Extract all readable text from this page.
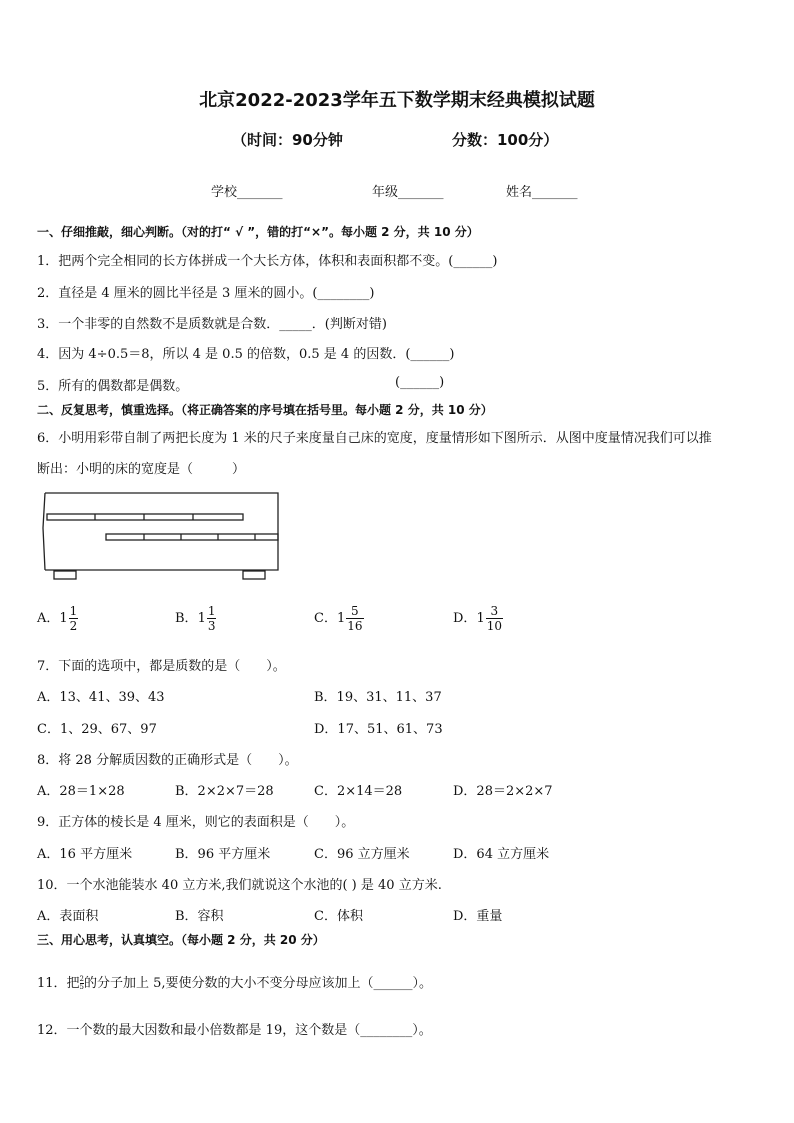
北京2022-2023学年五下数学期末经典模拟试题
（时间：90分钟	分数：100分）
学校_______	年级_______	姓名_______
一、仔细推敲，细心判断。（对的打“ √ ”，错的打“×”。每小题 2 分，共 10 分）
1．把两个完全相同的长方体拼成一个大长方体，体积和表面积都不变。(______)
2．直径是 4 厘米的圆比半径是 3 厘米的圆小。(________)
3．一个非零的自然数不是质数就是合数．_____．(判断对错)
4．因为 4÷0.5＝8，所以 4 是 0.5 的倍数，0.5 是 4 的因数．(______)
5．所有的偶数都是偶数。	(______)
二、反复思考，慎重选择。（将正确答案的序号填在括号里。每小题 2 分，共 10 分）
6．小明用彩带自制了两把长度为 1 米的尺子来度量自己床的宽度，度量情形如下图所示．从图中度量情况我们可以推
断出：小明的床的宽度是（　　　）
A．$1 \frac{1}{2}$	B．$1 \frac{1}{3}$	C．$1 \frac{5}{16}$	D．$1 \frac{3}{10}$
7．下面的选项中，都是质数的是（　　）。
A．13、41、39、43	B．19、31、11、37
C．1、29、67、97	D．17、51、61、73
8．将 28 分解质因数的正确形式是（　　）。
A．28＝1×28	B．2×2×7＝28	C．2×14＝28	D．28＝2×2×7
9．正方体的棱长是 4 厘米，则它的表面积是（　　）。
A．16 平方厘米	B．96 平方厘米	C．96 立方厘米	D．64 立方厘米
10．一个水池能装水 40 立方米,我们就说这个水池的( ) 是 40 立方米.
A．表面积	B．容积	C．体积	D．重量
三、用心思考，认真填空。（每小题 2 分，共 20 分）
11．把 $\frac{2}{5}$ 的分子加上 5,要使分数的大小不变分母应该加上（______）。
12．一个数的最大因数和最小倍数都是 19，这个数是（________）。
